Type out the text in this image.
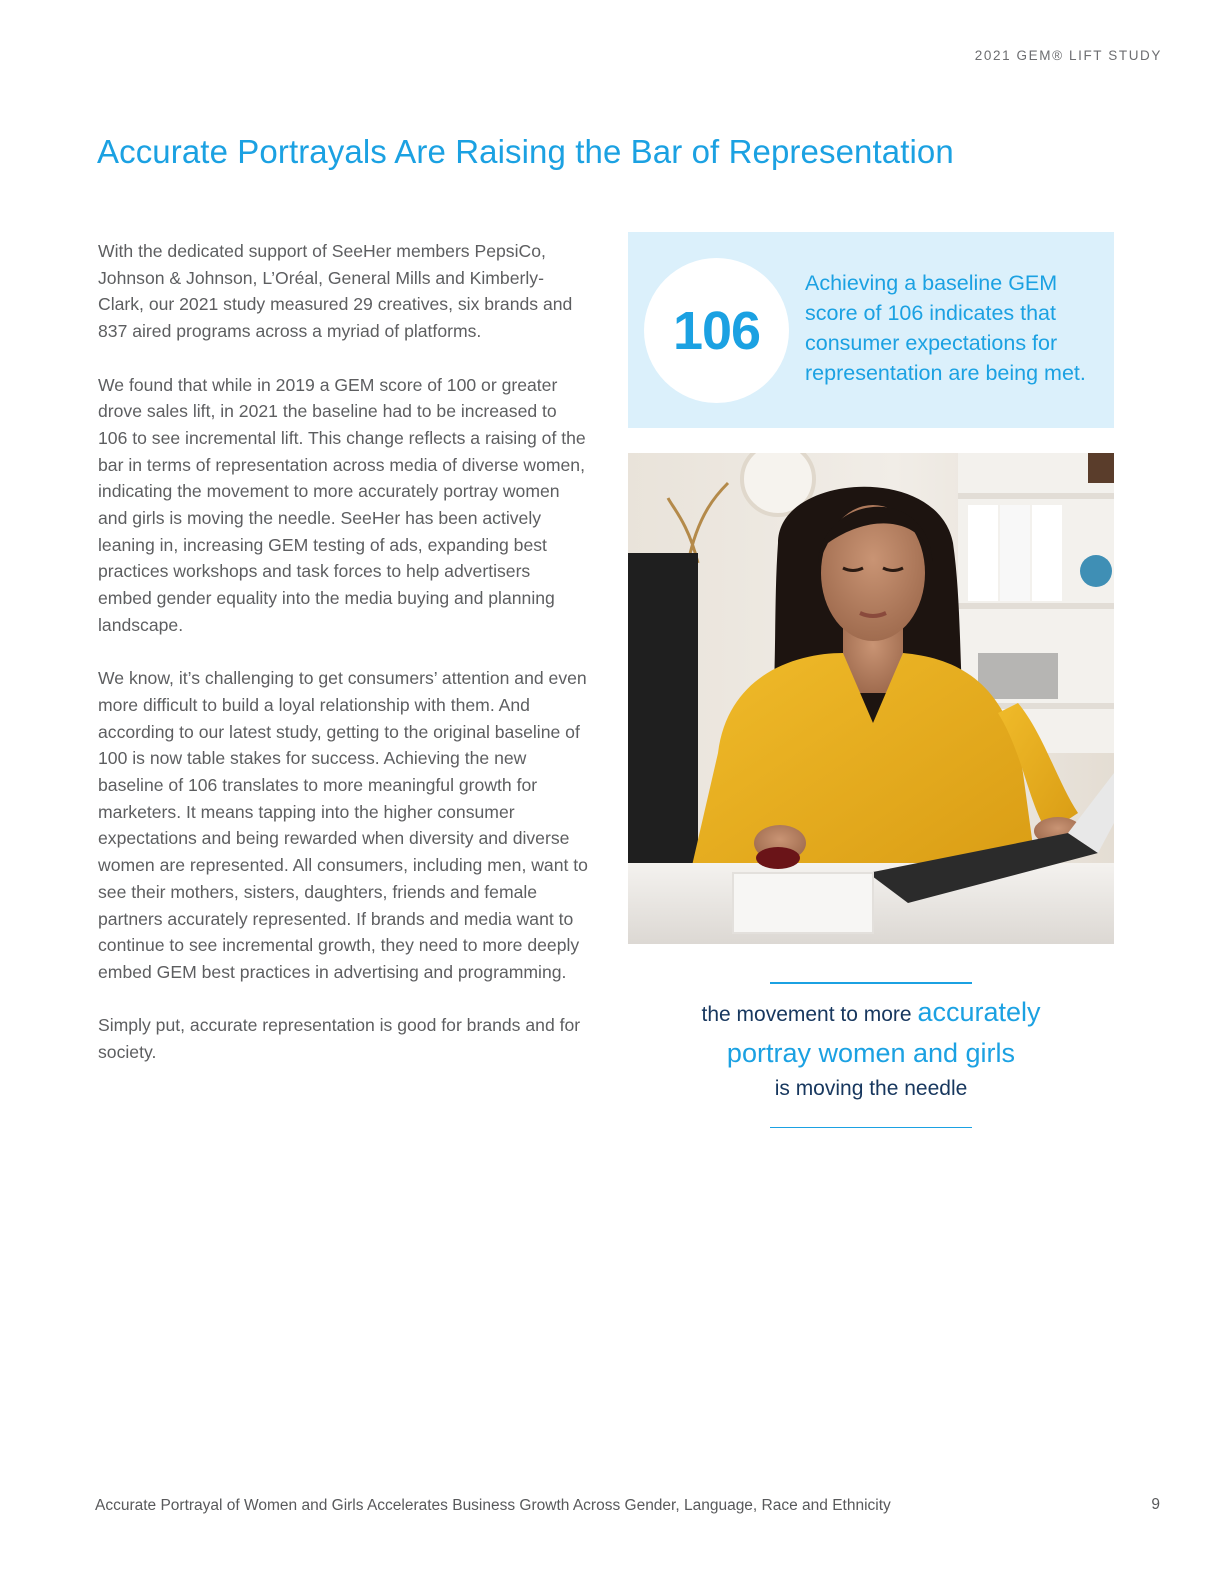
2021 GEM® LIFT STUDY
Accurate Portrayals Are Raising the Bar of Representation

With the dedicated support of SeeHer members PepsiCo, Johnson & Johnson, L’Oréal, General Mills and Kimberly-Clark, our 2021 study measured 29 creatives, six brands and 837 aired programs across a myriad of platforms.

We found that while in 2019 a GEM score of 100 or greater drove sales lift, in 2021 the baseline had to be increased to 106 to see incremental lift. This change reflects a raising of the bar in terms of representation across media of diverse women, indicating the movement to more accurately portray women and girls is moving the needle. SeeHer has been actively leaning in, increasing GEM testing of ads, expanding best practices workshops and task forces to help advertisers embed gender equality into the media buying and planning landscape.

We know, it’s challenging to get consumers’ attention and even more difficult to build a loyal relationship with them. And according to our latest study, getting to the original baseline of 100 is now table stakes for success. Achieving the new baseline of 106 translates to more meaningful growth for marketers. It means tapping into the higher consumer expectations and being rewarded when diversity and diverse women are represented. All consumers, including men, want to see their mothers, sisters, daughters, friends and female partners accurately represented. If brands and media want to continue to see incremental growth, they need to more deeply embed GEM best practices in advertising and programming.

Simply put, accurate representation is good for brands and for society.

106
Achieving a baseline GEM score of 106 indicates that consumer expectations for representation are being met.
the movement to more accurately
portray women and girls
is moving the needle
Accurate Portrayal of Women and Girls Accelerates Business Growth Across Gender, Language, Race and Ethnicity	9
